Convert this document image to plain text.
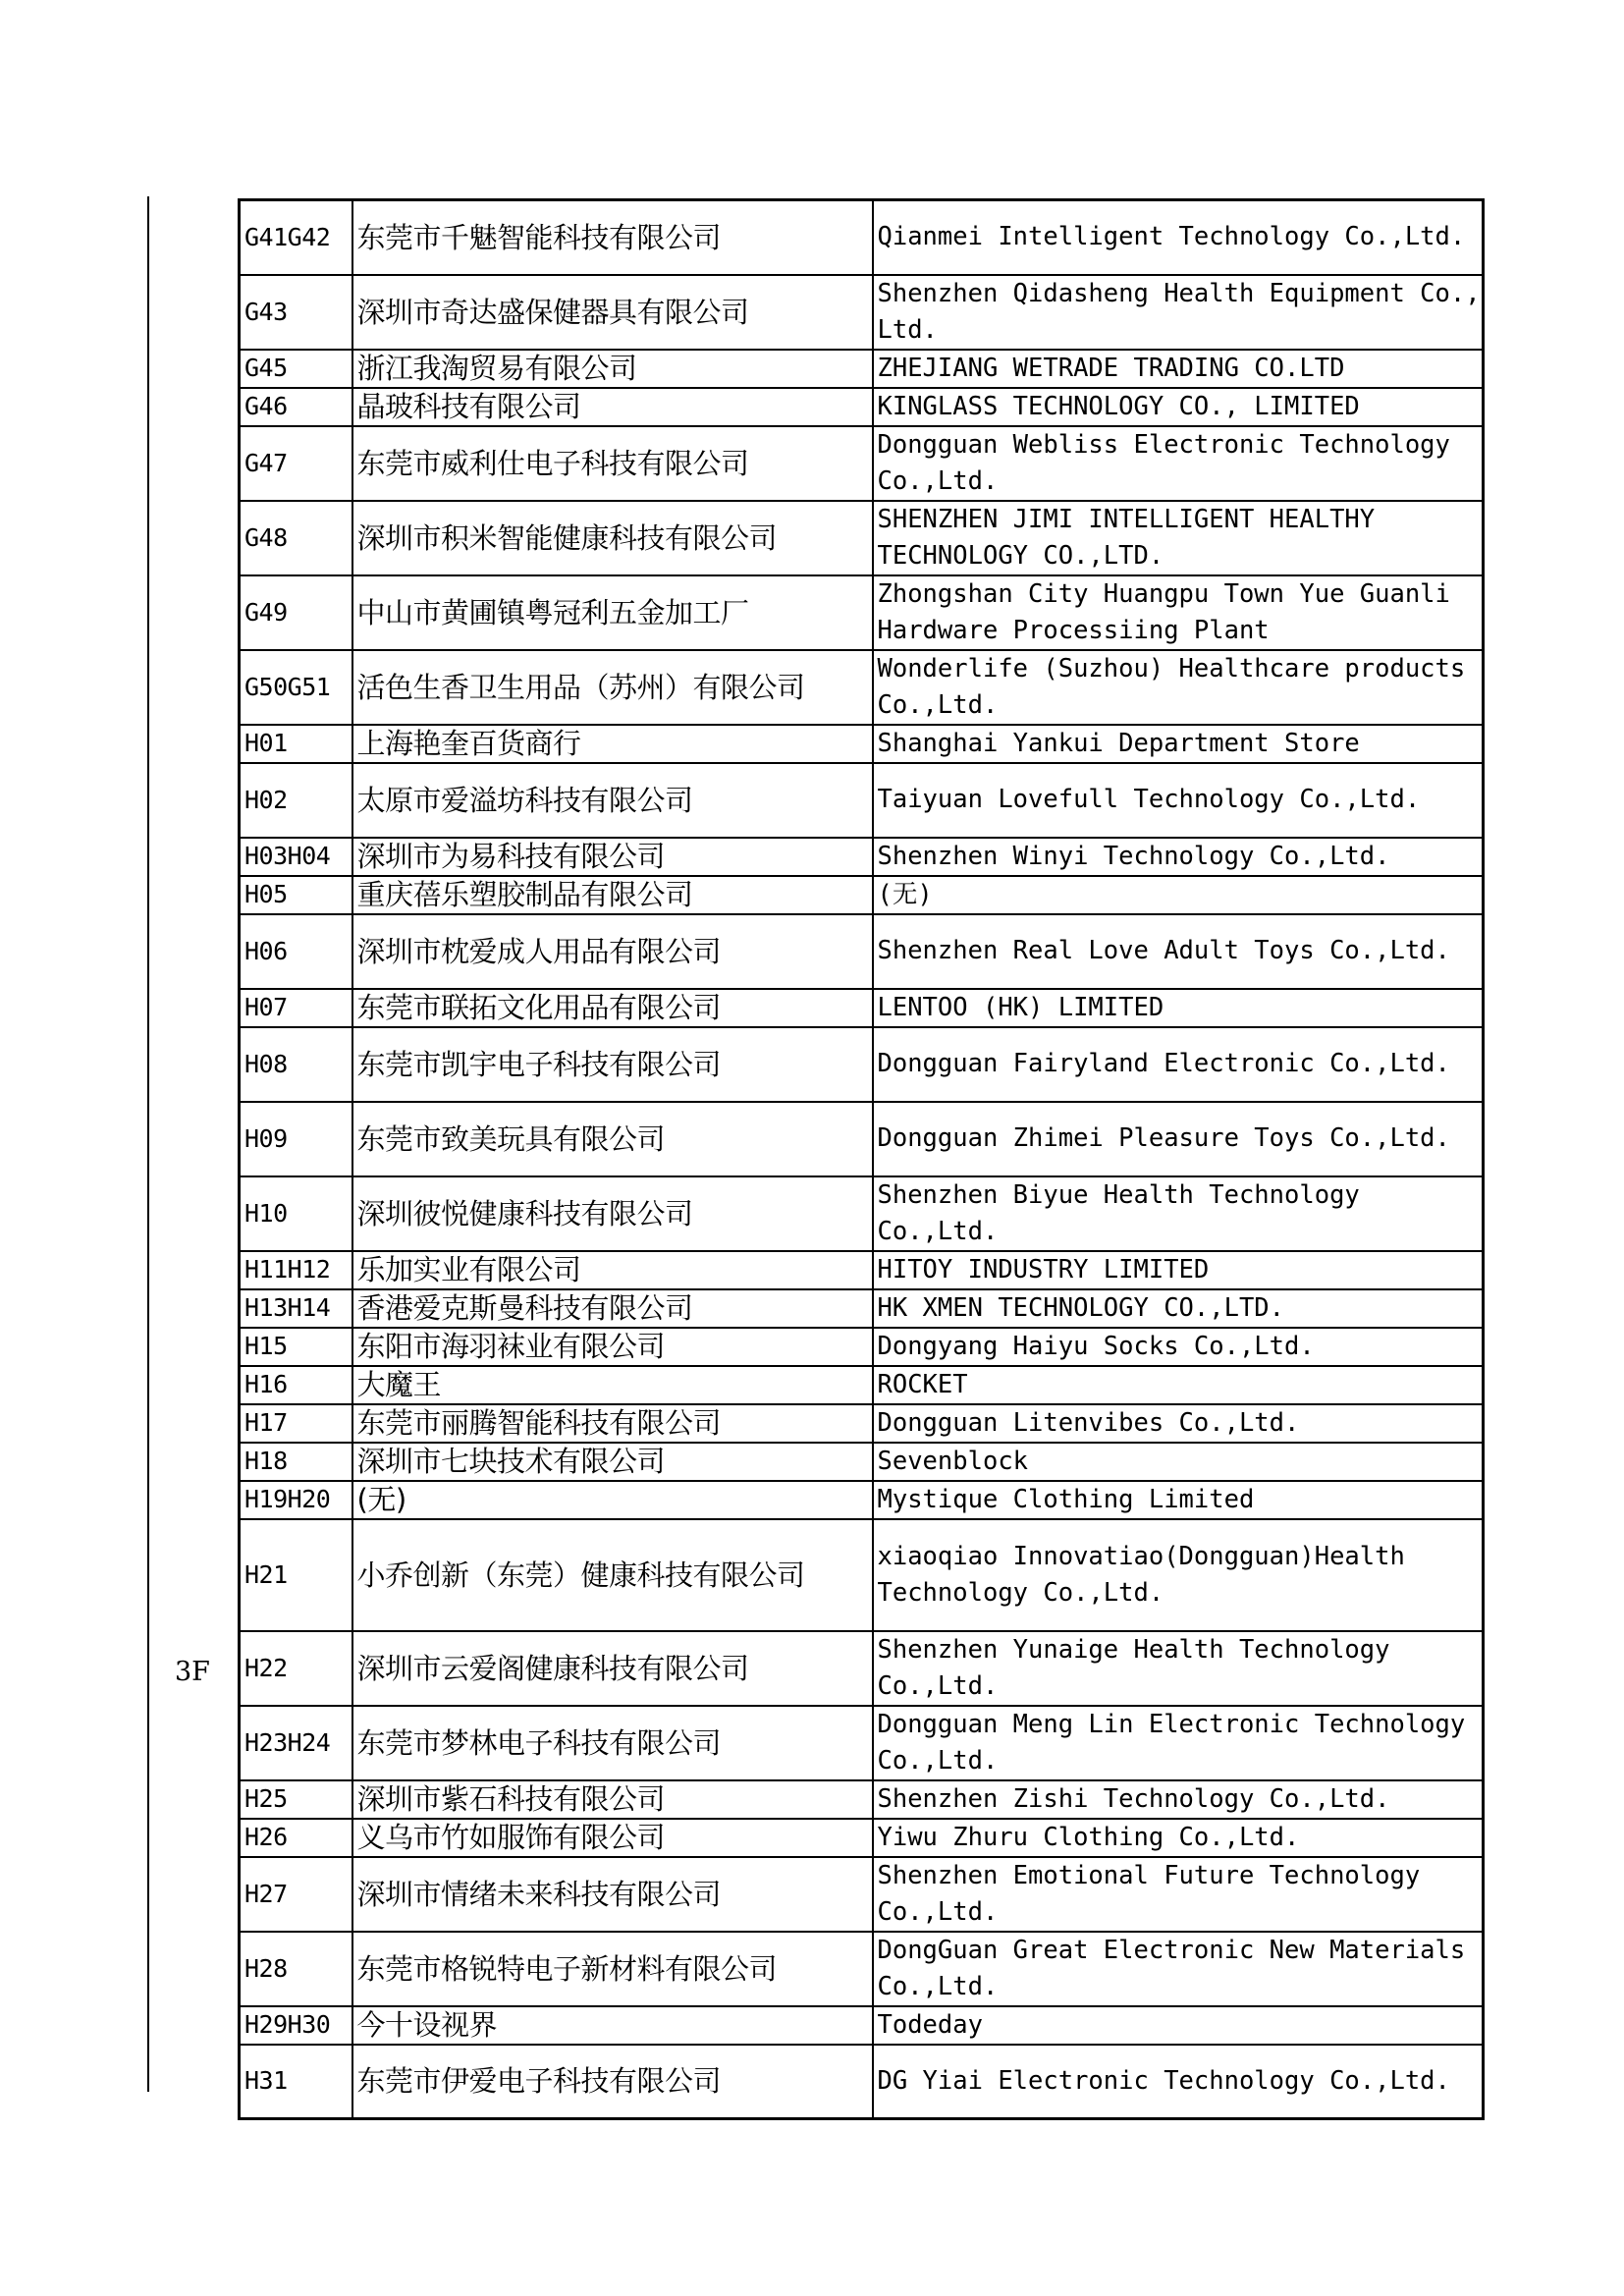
3F
G41G42	东莞市千魅智能科技有限公司	Qianmei Intelligent Technology Co.,Ltd.
G43	深圳市奇达盛保健器具有限公司	Shenzhen Qidasheng Health Equipment Co., Ltd.
G45	浙江我淘贸易有限公司	ZHEJIANG WETRADE TRADING CO.LTD
G46	晶玻科技有限公司	KINGLASS TECHNOLOGY CO., LIMITED
G47	东莞市威利仕电子科技有限公司	Dongguan Webliss Electronic Technology Co.,Ltd.
G48	深圳市积米智能健康科技有限公司	SHENZHEN JIMI INTELLIGENT HEALTHY TECHNOLOGY CO.,LTD.
G49	中山市黄圃镇粤冠利五金加工厂	Zhongshan City Huangpu Town Yue Guanli Hardware Processiing Plant
G50G51	活色生香卫生用品（苏州）有限公司	Wonderlife (Suzhou) Healthcare products Co.,Ltd.
H01	上海艳奎百货商行	Shanghai Yankui Department Store
H02	太原市爱溢坊科技有限公司	Taiyuan Lovefull Technology Co.,Ltd.
H03H04	深圳市为易科技有限公司	Shenzhen Winyi Technology Co.,Ltd.
H05	重庆蓓乐塑胶制品有限公司	(无)
H06	深圳市枕爱成人用品有限公司	Shenzhen Real Love Adult Toys Co.,Ltd.
H07	东莞市联拓文化用品有限公司	LENTOO (HK) LIMITED
H08	东莞市凯宇电子科技有限公司	Dongguan Fairyland Electronic Co.,Ltd.
H09	东莞市致美玩具有限公司	Dongguan Zhimei Pleasure Toys Co.,Ltd.
H10	深圳彼悦健康科技有限公司	Shenzhen Biyue Health Technology Co.,Ltd.
H11H12	乐加实业有限公司	HITOY INDUSTRY LIMITED
H13H14	香港爱克斯曼科技有限公司	HK XMEN TECHNOLOGY CO.,LTD.
H15	东阳市海羽袜业有限公司	Dongyang Haiyu Socks Co.,Ltd.
H16	大魔王	ROCKET
H17	东莞市丽腾智能科技有限公司	Dongguan Litenvibes Co.,Ltd.
H18	深圳市七块技术有限公司	Sevenblock
H19H20	(无)	Mystique Clothing Limited
H21	小乔创新（东莞）健康科技有限公司	xiaoqiao Innovatiao(Dongguan)Health Technology Co.,Ltd.
H22	深圳市云爱阁健康科技有限公司	Shenzhen Yunaige Health Technology Co.,Ltd.
H23H24	东莞市梦林电子科技有限公司	Dongguan Meng Lin Electronic Technology Co.,Ltd.
H25	深圳市紫石科技有限公司	Shenzhen Zishi Technology Co.,Ltd.
H26	义乌市竹如服饰有限公司	Yiwu Zhuru Clothing Co.,Ltd.
H27	深圳市情绪未来科技有限公司	Shenzhen Emotional Future Technology Co.,Ltd.
H28	东莞市格锐特电子新材料有限公司	DongGuan Great Electronic New Materials Co.,Ltd.
H29H30	今十设视界	Todeday
H31	东莞市伊爱电子科技有限公司	DG Yiai Electronic Technology Co.,Ltd.
